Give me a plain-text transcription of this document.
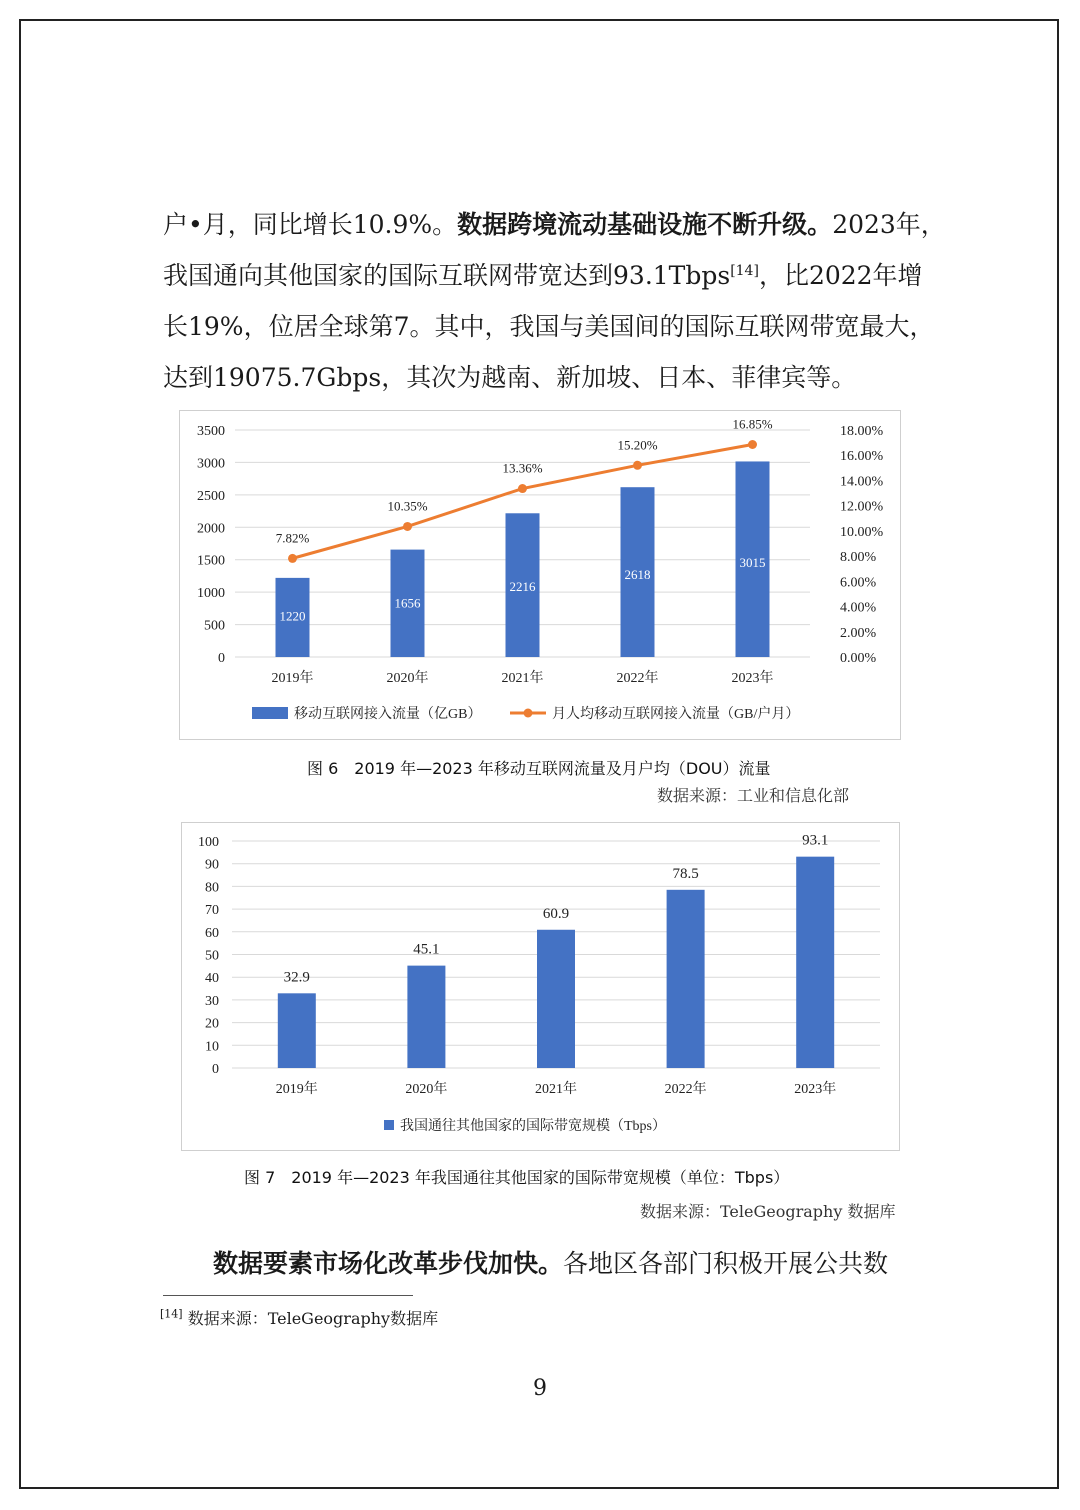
户•月，同比增长10.9%。数据跨境流动基础设施不断升级。2023年，
我国通向其他国家的国际互联网带宽达到93.1Tbps[14]，比2022年增
长19%，位居全球第7。其中，我国与美国间的国际互联网带宽最大，
达到19075.7Gbps，其次为越南、新加坡、日本、菲律宾等。
0
500
1000
1500
2000
2500
3000
3500
0.00%
2.00%
4.00%
6.00%
8.00%
10.00%
12.00%
14.00%
16.00%
18.00%
1220
2019年
1656
2020年
2216
2021年
2618
2022年
3015
2023年
7.82%
10.35%
13.36%
15.20%
16.85%
移动互联网接入流量（亿GB）	月人均移动互联网接入流量（GB/户月）
图 6　2019 年—2023 年移动互联网流量及月户均（DOU）流量
数据来源：工业和信息化部
0
10
20
30
40
50
60
70
80
90
100
32.9
2019年
45.1
2020年
60.9
2021年
78.5
2022年
93.1
2023年
我国通往其他国家的国际带宽规模（Tbps）
图 7　2019 年—2023 年我国通往其他国家的国际带宽规模（单位：Tbps）
数据来源：TeleGeography 数据库
数据要素市场化改革步伐加快。各地区各部门积极开展公共数
[14] 数据来源：TeleGeography数据库
9
